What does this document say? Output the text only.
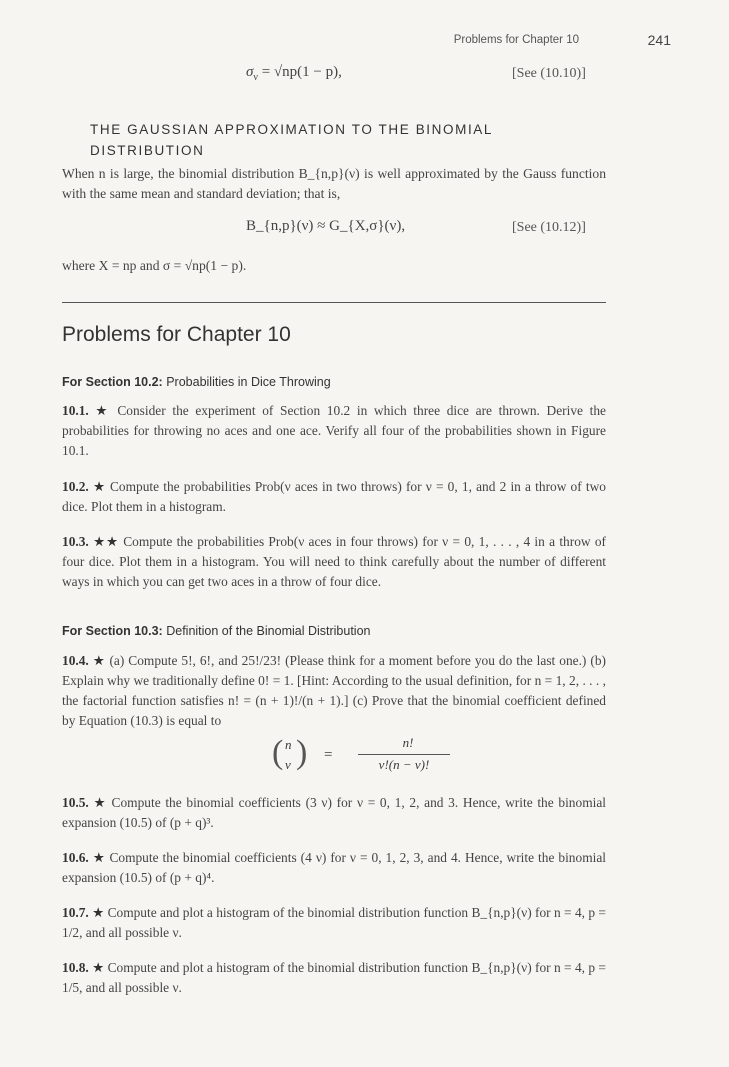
Problems for Chapter 10	241
$\sigma_\nu = √np(1 - p)$,	[See (10.10)]
THE GAUSSIAN APPROXIMATION TO THE BINOMIAL DISTRIBUTION
When n is large, the binomial distribution B_{n,p}(ν) is well approximated by the Gauss function with the same mean and standard deviation; that is,
B_{n,p}(ν) ≈ G_{X,σ}(ν),	[See (10.12)]
where X = np and σ = √np(1 − p).
Problems for Chapter 10
For Section 10.2: Probabilities in Dice Throwing
10.1. ★ Consider the experiment of Section 10.2 in which three dice are thrown. Derive the probabilities for throwing no aces and one ace. Verify all four of the probabilities shown in Figure 10.1.
10.2. ★ Compute the probabilities Prob(ν aces in two throws) for ν = 0, 1, and 2 in a throw of two dice. Plot them in a histogram.
10.3. ★★ Compute the probabilities Prob(ν aces in four throws) for ν = 0, 1, . . . , 4 in a throw of four dice. Plot them in a histogram. You will need to think carefully about the number of different ways in which you can get two aces in a throw of four dice.
For Section 10.3: Definition of the Binomial Distribution
10.4. ★ (a) Compute 5!, 6!, and 25!/23! (Please think for a moment before you do the last one.) (b) Explain why we traditionally define 0! = 1. [Hint: According to the usual definition, for n = 1, 2, . . . , the factorial function satisfies n! = (n + 1)!/(n + 1).] (c) Prove that the binomial coefficient defined by Equation (10.3) is equal to
( n
ν ) =
n!
ν!(n − ν)!
10.5. ★ Compute the binomial coefficients (3 ν) for ν = 0, 1, 2, and 3. Hence, write the binomial expansion (10.5) of (p + q)³.
10.6. ★ Compute the binomial coefficients (4 ν) for ν = 0, 1, 2, 3, and 4. Hence, write the binomial expansion (10.5) of (p + q)⁴.
10.7. ★ Compute and plot a histogram of the binomial distribution function B_{n,p}(ν) for n = 4, p = 1/2, and all possible ν.
10.8. ★ Compute and plot a histogram of the binomial distribution function B_{n,p}(ν) for n = 4, p = 1/5, and all possible ν.
